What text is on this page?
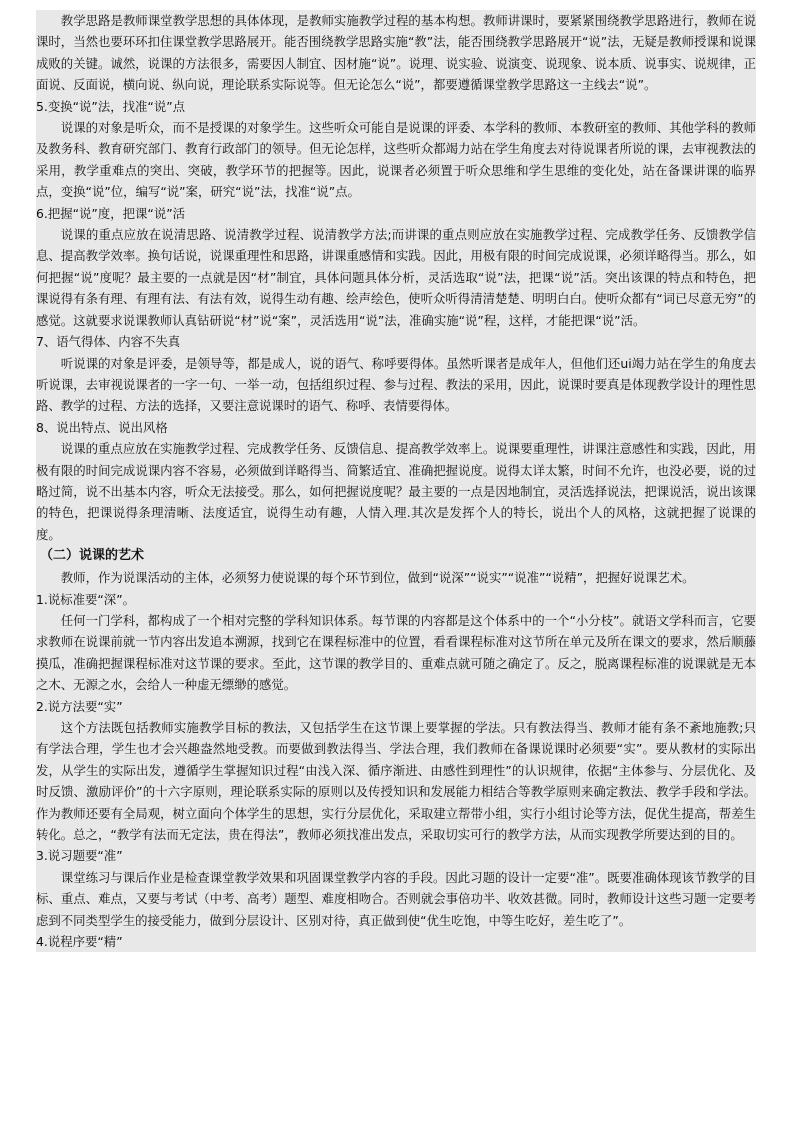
教学思路是教师课堂教学思想的具体体现，是教师实施教学过程的基本构想。教师讲课时，要紧紧围绕教学思路进行，教师在说课时，当然也要环环扣住课堂教学思路展开。能否围绕教学思路实施“教”法，能否围绕教学思路展开“说”法，无疑是教师授课和说课成败的关键。诚然，说课的方法很多，需要因人制宜、因材施“说”。说理、说实验、说演变、说现象、说本质、说事实、说规律，正面说、反面说，横向说、纵向说，理论联系实际说等。但无论怎么“说”，都要遵循课堂教学思路这一主线去“说”。
5.变换“说”法，找准“说”点
说课的对象是听众，而不是授课的对象学生。这些听众可能自是说课的评委、本学科的教师、本教研室的教师、其他学科的教师及教务科、教育研究部门、教育行政部门的领导。但无论怎样，这些听众都竭力站在学生角度去对待说课者所说的课，去审视教法的采用，教学重难点的突出、突破，教学环节的把握等。因此，说课者必须置于听众思维和学生思维的变化处，站在备课讲课的临界点，变换“说”位，编写“说”案，研究“说”法，找准“说”点。
6.把握“说”度，把课“说”活
说课的重点应放在说清思路、说清教学过程、说清教学方法;而讲课的重点则应放在实施教学过程、完成教学任务、反馈教学信息、提高教学效率。换句话说，说课重理性和思路，讲课重感情和实践。因此，用极有限的时间完成说课，必须详略得当。那么，如何把握“说”度呢？最主要的一点就是因“材”制宜，具体问题具体分析，灵活选取“说”法，把课“说”活。突出该课的特点和特色，把课说得有条有理、有理有法、有法有效，说得生动有趣、绘声绘色，使听众听得清清楚楚、明明白白。使听众都有“词已尽意无穷”的感觉。这就要求说课教师认真钻研说“材”说“案”，灵活选用“说”法，准确实施“说”程，这样，才能把课“说”活。
7、语气得体、内容不失真
听说课的对象是评委，是领导等，都是成人，说的语气、称呼要得体。虽然听课者是成年人，但他们还ui竭力站在学生的角度去听说课，去审视说课者的一字一句、一举一动，包括组织过程、参与过程、教法的采用，因此，说课时要真是体现教学设计的理性思路、教学的过程、方法的选择，又要注意说课时的语气、称呼、表情要得体。
8、说出特点、说出风格
说课的重点应放在实施教学过程、完成教学任务、反馈信息、提高教学效率上。说课要重理性，讲课注意感性和实践，因此，用极有限的时间完成说课内容不容易，必须做到详略得当、简繁适宜、准确把握说度。说得太详太繁，时间不允许，也没必要，说的过略过简，说不出基本内容，听众无法接受。那么，如何把握说度呢？最主要的一点是因地制宜，灵活选择说法，把课说活，说出该课的特色，把课说得条理清晰、法度适宜，说得生动有趣，人情入理.其次是发挥个人的特长，说出个人的风格，这就把握了说课的度。
（二）说课的艺术
教师，作为说课活动的主体，必须努力使说课的每个环节到位，做到“说深”“说实”“说准”“说精”，把握好说课艺术。
1.说标准要“深”。
任何一门学科，都构成了一个相对完整的学科知识体系。每节课的内容都是这个体系中的一个“小分枝”。就语文学科而言，它要求教师在说课前就一节内容出发追本溯源，找到它在课程标准中的位置，看看课程标准对这节所在单元及所在课文的要求，然后顺藤摸瓜，准确把握课程标准对这节课的要求。至此，这节课的教学目的、重难点就可随之确定了。反之，脱离课程标准的说课就是无本之木、无源之水，会给人一种虚无缥缈的感觉。
2.说方法要“实”
这个方法既包括教师实施教学目标的教法，又包括学生在这节课上要掌握的学法。只有教法得当、教师才能有条不紊地施教;只有学法合理，学生也才会兴趣盎然地受教。而要做到教法得当、学法合理，我们教师在备课说课时必须要“实”。要从教材的实际出发，从学生的实际出发，遵循学生掌握知识过程“由浅入深、循序渐进、由感性到理性”的认识规律，依据“主体参与、分层优化、及时反馈、激励评价”的十六字原则，理论联系实际的原则以及传授知识和发展能力相结合等教学原则来确定教法、教学手段和学法。作为教师还要有全局观，树立面向个体学生的思想，实行分层优化，采取建立帮带小组，实行小组讨论等方法，促优生提高，帮差生转化。总之，“教学有法而无定法，贵在得法”，教师必须找准出发点，采取切实可行的教学方法，从而实现教学所要达到的目的。
3.说习题要“准”
课堂练习与课后作业是检查课堂教学效果和巩固课堂教学内容的手段。因此习题的设计一定要“准”。既要准确体现该节教学的目标、重点、难点，又要与考试（中考、高考）题型、难度相吻合。否则就会事倍功半、收效甚微。同时，教师设计这些习题一定要考虑到不同类型学生的接受能力，做到分层设计、区别对待，真正做到使“优生吃饱，中等生吃好，差生吃了”。
4.说程序要“精”
